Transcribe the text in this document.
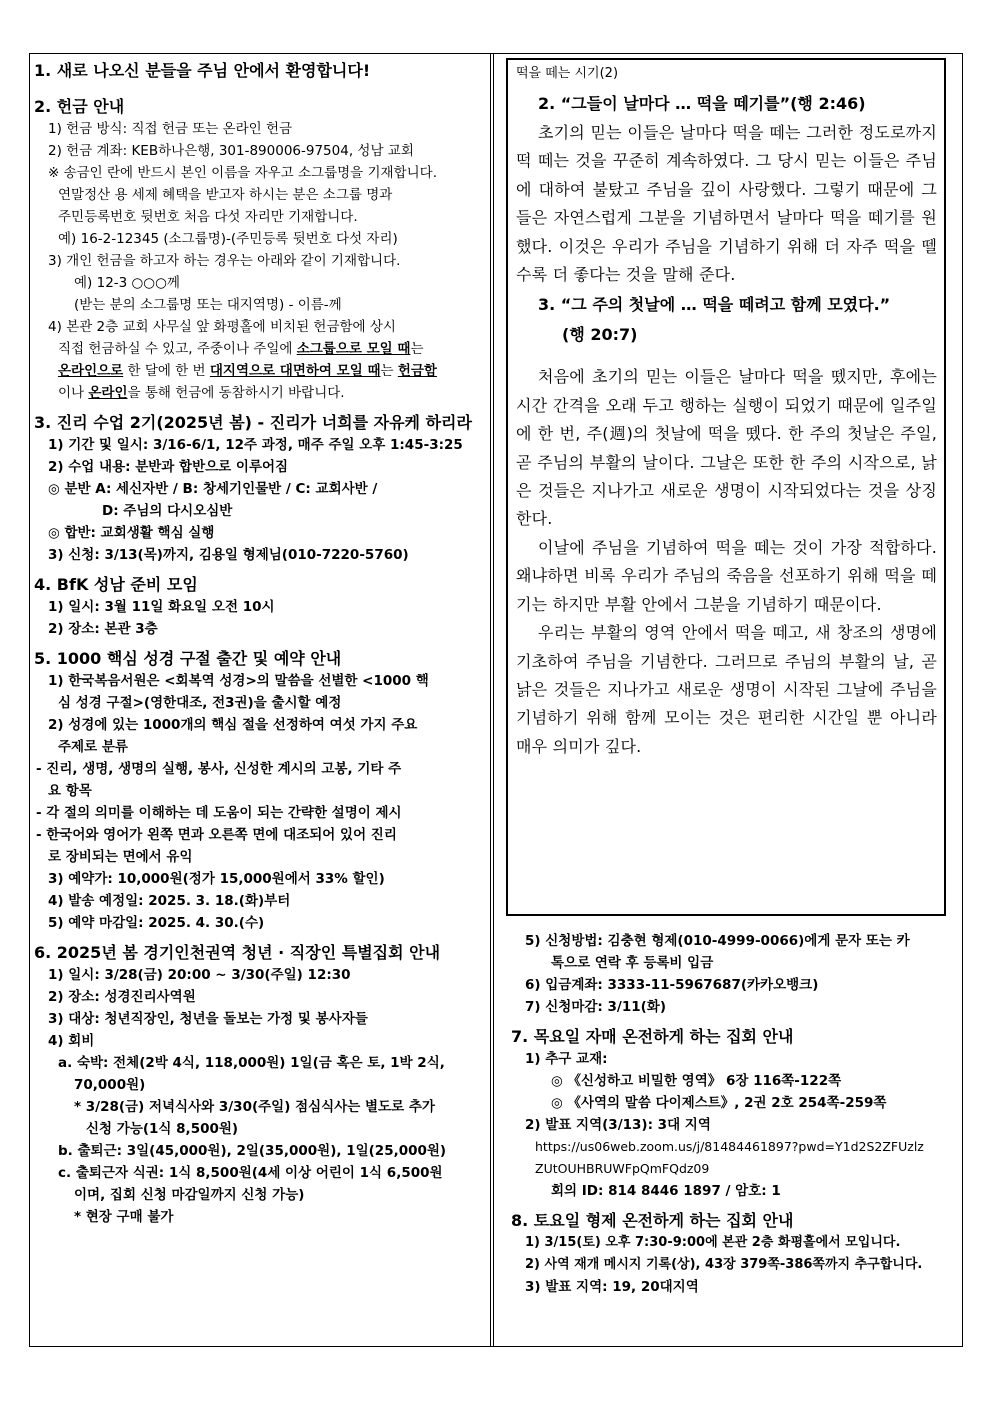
1. 새로 나오신 분들을 주님 안에서 환영합니다!
2. 헌금 안내
1) 헌금 방식: 직접 헌금 또는 온라인 헌금
2) 헌금 계좌: KEB하나은행, 301-890006-97504, 성남 교회
※ 송금인 란에 반드시 본인 이름을 자우고 소그룹명을 기재합니다.
연말정산 용 세제 혜택을 받고자 하시는 분은 소그룹 명과
주민등록번호 뒷번호 처음 다섯 자리만 기재합니다.
예) 16-2-12345 (소그룹명)-(주민등록 뒷번호 다섯 자리)
3) 개인 헌금을 하고자 하는 경우는 아래와 같이 기재합니다.
예) 12-3 ○○○께
(받는 분의 소그룹명 또는 대지역명) - 이름-께
4) 본관 2층 교회 사무실 앞 화평홀에 비치된 헌금함에 상시
직접 헌금하실 수 있고, 주중이나 주일에 소그룹으로 모일 때는
온라인으로 한 달에 한 번 대지역으로 대면하여 모일 때는 헌금함
이나 온라인을 통해 헌금에 동참하시기 바랍니다.
3. 진리 수업 2기(2025년 봄) - 진리가 너희를 자유케 하리라
1) 기간 및 일시: 3/16-6/1, 12주 과정, 매주 주일 오후 1:45-3:25
2) 수업 내용: 분반과 합반으로 이루어짐
◎ 분반 A: 세신자반 / B: 창세기인물반 / C: 교회사반 /
D: 주님의 다시오심반
◎ 합반: 교회생활 핵심 실행
3) 신청: 3/13(목)까지, 김용일 형제님(010-7220-5760)
4. BfK 성남 준비 모임
1) 일시: 3월 11일 화요일 오전 10시
2) 장소: 본관 3층
5. 1000 핵심 성경 구절 출간 및 예약 안내
1) 한국복음서원은 <회복역 성경>의 말씀을 선별한 <1000 핵
심 성경 구절>(영한대조, 전3권)을 출시할 예정
2) 성경에 있는 1000개의 핵심 절을 선정하여 여섯 가지 주요
주제로 분류
- 진리, 생명, 생명의 실행, 봉사, 신성한 계시의 고봉, 기타 주
요 항목
- 각 절의 의미를 이해하는 데 도움이 되는 간략한 설명이 제시
- 한국어와 영어가 왼쪽 면과 오른쪽 면에 대조되어 있어 진리
로 장비되는 면에서 유익
3) 예약가: 10,000원(정가 15,000원에서 33% 할인)
4) 발송 예정일: 2025. 3. 18.(화)부터
5) 예약 마감일: 2025. 4. 30.(수)
6. 2025년 봄 경기인천권역 청년 · 직장인 특별집회 안내
1) 일시: 3/28(금) 20:00 ~ 3/30(주일) 12:30
2) 장소: 성경진리사역원
3) 대상: 청년직장인, 청년을 돌보는 가정 및 봉사자들
4) 회비
a. 숙박: 전체(2박 4식, 118,000원) 1일(금 혹은 토, 1박 2식,
70,000원)
* 3/28(금) 저녁식사와 3/30(주일) 점심식사는 별도로 추가
신청 가능(1식 8,500원)
b. 출퇴근: 3일(45,000원), 2일(35,000원), 1일(25,000원)
c. 출퇴근자 식권: 1식 8,500원(4세 이상 어린이 1식 6,500원
이며, 집회 신청 마감일까지 신청 가능)
* 현장 구매 불가
떡을 떼는 시기(2)
2. “그들이 날마다 … 떡을 떼기를”(행 2:46)
초기의 믿는 이들은 날마다 떡을 떼는 그러한 정도로까지 떡 떼는 것을 꾸준히 계속하였다. 그 당시 믿는 이들은 주님에 대하여 불탔고 주님을 깊이 사랑했다. 그렇기 때문에 그들은 자연스럽게 그분을 기념하면서 날마다 떡을 떼기를 원했다. 이것은 우리가 주님을 기념하기 위해 더 자주 떡을 뗄수록 더 좋다는 것을 말해 준다.
3. “그 주의 첫날에 … 떡을 떼려고 함께 모였다.”
(행 20:7)
처음에 초기의 믿는 이들은 날마다 떡을 뗐지만, 후에는 시간 간격을 오래 두고 행하는 실행이 되었기 때문에 일주일에 한 번, 주(週)의 첫날에 떡을 뗐다. 한 주의 첫날은 주일, 곧 주님의 부활의 날이다. 그날은 또한 한 주의 시작으로, 낡은 것들은 지나가고 새로운 생명이 시작되었다는 것을 상징한다.
이날에 주님을 기념하여 떡을 떼는 것이 가장 적합하다. 왜냐하면 비록 우리가 주님의 죽음을 선포하기 위해 떡을 떼기는 하지만 부활 안에서 그분을 기념하기 때문이다.
우리는 부활의 영역 안에서 떡을 떼고, 새 창조의 생명에 기초하여 주님을 기념한다. 그러므로 주님의 부활의 날, 곧 낡은 것들은 지나가고 새로운 생명이 시작된 그날에 주님을 기념하기 위해 함께 모이는 것은 편리한 시간일 뿐 아니라 매우 의미가 깊다.
5) 신청방법: 김충현 형제(010-4999-0066)에게 문자 또는 카
톡으로 연락 후 등록비 입금
6) 입금계좌: 3333-11-5967687(카카오뱅크)
7) 신청마감: 3/11(화)
7. 목요일 자매 온전하게 하는 집회 안내
1) 추구 교재:
◎ 《신성하고 비밀한 영역》 6장 116쪽-122쪽
◎ 《사역의 말씀 다이제스트》, 2권 2호 254쪽-259쪽
2) 발표 지역(3/13): 3대 지역
https://us06web.zoom.us/j/81484461897?pwd=Y1d2S2ZFUzlz
ZUtOUHBRUWFpQmFQdz09
회의 ID: 814 8446 1897 / 암호: 1
8. 토요일 형제 온전하게 하는 집회 안내
1) 3/15(토) 오후 7:30-9:00에 본관 2층 화평홀에서 모입니다.
2) 사역 재개 메시지 기록(상), 43장 379쪽-386쪽까지 추구합니다.
3) 발표 지역: 19, 20대지역
